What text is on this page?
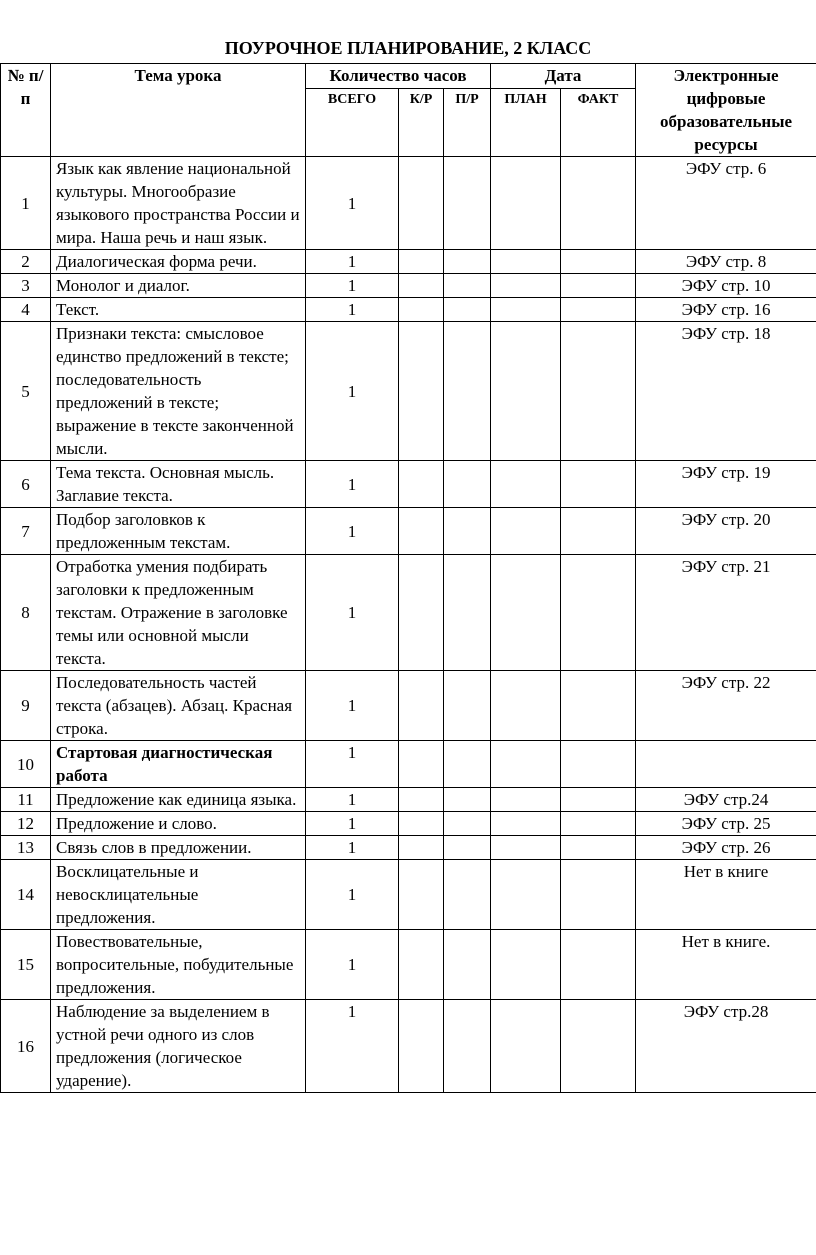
ПОУРОЧНОЕ ПЛАНИРОВАНИЕ, 2 КЛАСС
№ п/п	Тема урока	Количество часов			Дата		Электронные цифровые образовательные ресурсы
		ВСЕГО	К/Р	П/Р	ПЛАН	ФАКТ	
1	Язык как явление национальной культуры. Многообразие языкового пространства России и мира. Наша речь и наш язык.	1					ЭФУ стр. 6
2	Диалогическая форма речи.	1					ЭФУ стр. 8
3	Монолог и диалог.	1					ЭФУ стр. 10
4	Текст.	1					ЭФУ стр. 16
5	Признаки текста: смысловое единство предложений в тексте; последовательность предложений в тексте; выражение в тексте законченной мысли.	1					ЭФУ стр. 18
6	Тема текста. Основная мысль. Заглавие текста.	1					ЭФУ стр. 19
7	Подбор заголовков к предложенным текстам.	1					ЭФУ стр. 20
8	Отработка умения подбирать заголовки к предложенным текстам. Отражение в заголовке темы или основной мысли текста.	1					ЭФУ стр. 21
9	Последовательность частей текста (абзацев). Абзац. Красная строка.	1					ЭФУ стр. 22
10	Стартовая диагностическая работа	1					
11	Предложение как единица языка.	1					ЭФУ стр.24
12	Предложение и слово.	1					ЭФУ стр. 25
13	Связь слов в предложении.	1					ЭФУ стр. 26
14	Восклицательные и невосклицательные предложения.	1					Нет в книге
15	Повествовательные, вопросительные, побудительные предложения.	1					Нет в книге.
16	Наблюдение за выделением в устной речи одного из слов предложения (логическое ударение).	1					ЭФУ стр.28
